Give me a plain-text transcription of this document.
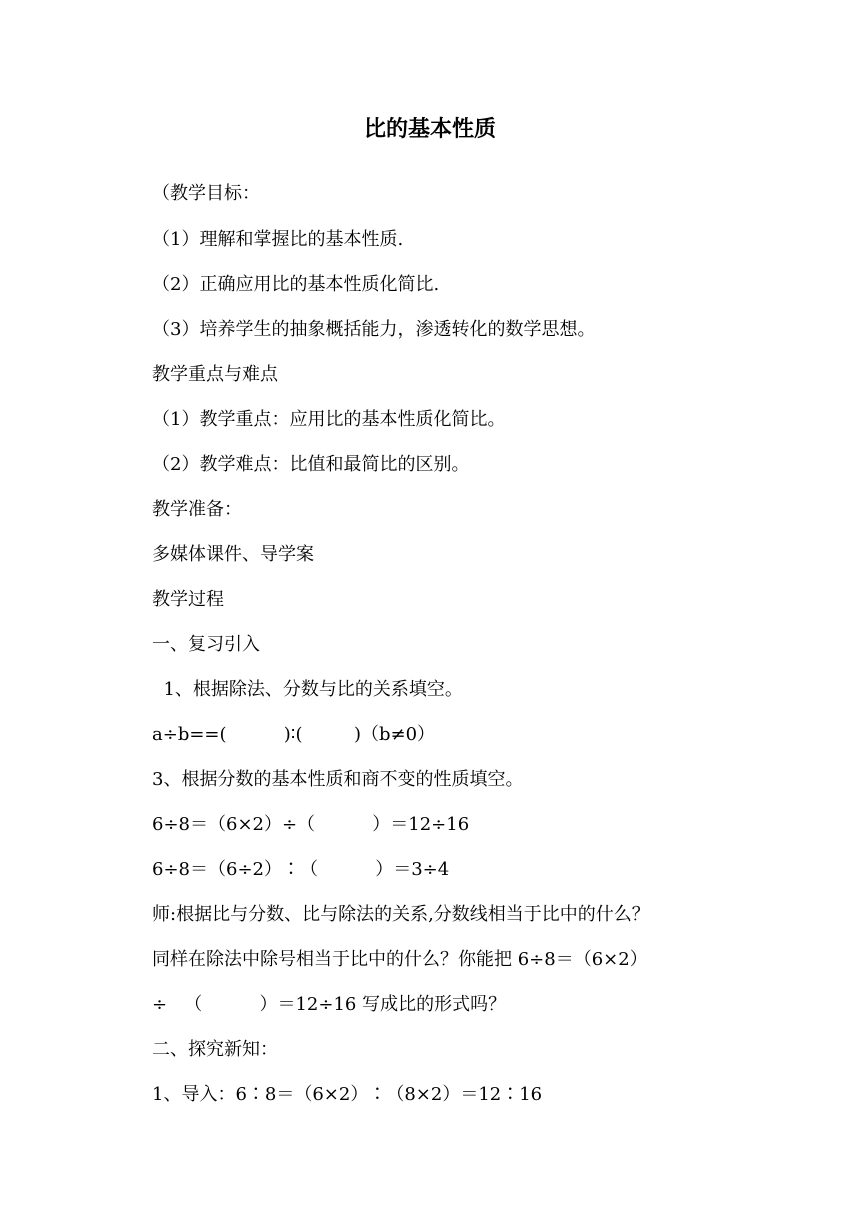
比的基本性质
（教学目标：
（1）理解和掌握比的基本性质.
（2）正确应用比的基本性质化简比.
（3）培养学生的抽象概括能力，渗透转化的数学思想。
教学重点与难点
（1）教学重点：应用比的基本性质化简比。
（2）教学难点：比值和最简比的区别。
教学准备：
多媒体课件、导学案
教学过程
一、复习引入
1、根据除法、分数与比的关系填空。
a÷b==(          )∶(         )（b≠0）
3、根据分数的基本性质和商不变的性质填空。
6÷8＝（6×2）÷（          ）＝12÷16
6÷8＝（6÷2）∶（          ）＝3÷4
师:根据比与分数、比与除法的关系,分数线相当于比中的什么？
同样在除法中除号相当于比中的什么？你能把 6÷8＝（6×2）
÷   （          ）＝12÷16 写成比的形式吗？
二、探究新知：
1、导入：6∶8＝（6×2）∶（8×2）＝12∶16
